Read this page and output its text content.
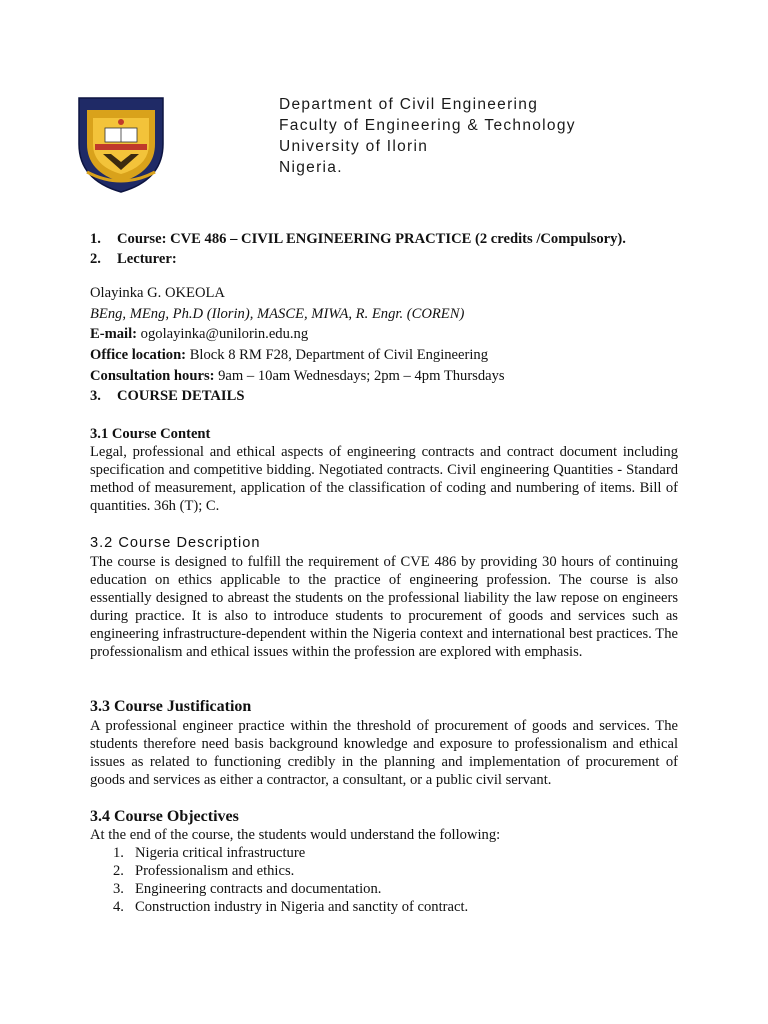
Department of Civil Engineering
Faculty of Engineering & Technology
University of Ilorin
Nigeria.
1. Course: CVE 486 – CIVIL ENGINEERING PRACTICE (2 credits /Compulsory).
2. Lecturer:
Olayinka G. OKEOLA
BEng, MEng, Ph.D (Ilorin), MASCE, MIWA, R. Engr. (COREN)
E-mail: ogolayinka@unilorin.edu.ng
Office location: Block 8 RM F28, Department of Civil Engineering
Consultation hours: 9am – 10am Wednesdays; 2pm – 4pm Thursdays
3. COURSE DETAILS
3.1 Course Content
Legal, professional and ethical aspects of engineering contracts and contract document including specification and competitive bidding. Negotiated contracts. Civil engineering Quantities - Standard method of measurement, application of the classification of coding and numbering of items. Bill of quantities. 36h (T); C.
3.2 Course Description
The course is designed to fulfill the requirement of CVE 486 by providing 30 hours of continuing education on ethics applicable to the practice of engineering profession. The course is also essentially designed to abreast the students on the professional liability the law repose on engineers during practice. It is also to introduce students to procurement of goods and services such as engineering infrastructure-dependent within the Nigeria context and international best practices. The professionalism and ethical issues within the profession are explored with emphasis.
3.3 Course Justification
A professional engineer practice within the threshold of procurement of goods and services. The students therefore need basis background knowledge and exposure to professionalism and ethical issues as related to functioning credibly in the planning and implementation of procurement of goods and services as either a contractor, a consultant, or a public civil servant.
3.4 Course Objectives
At the end of the course, the students would understand the following:
1. Nigeria critical infrastructure
2. Professionalism and ethics.
3. Engineering contracts and documentation.
4. Construction industry in Nigeria and sanctity of contract.
